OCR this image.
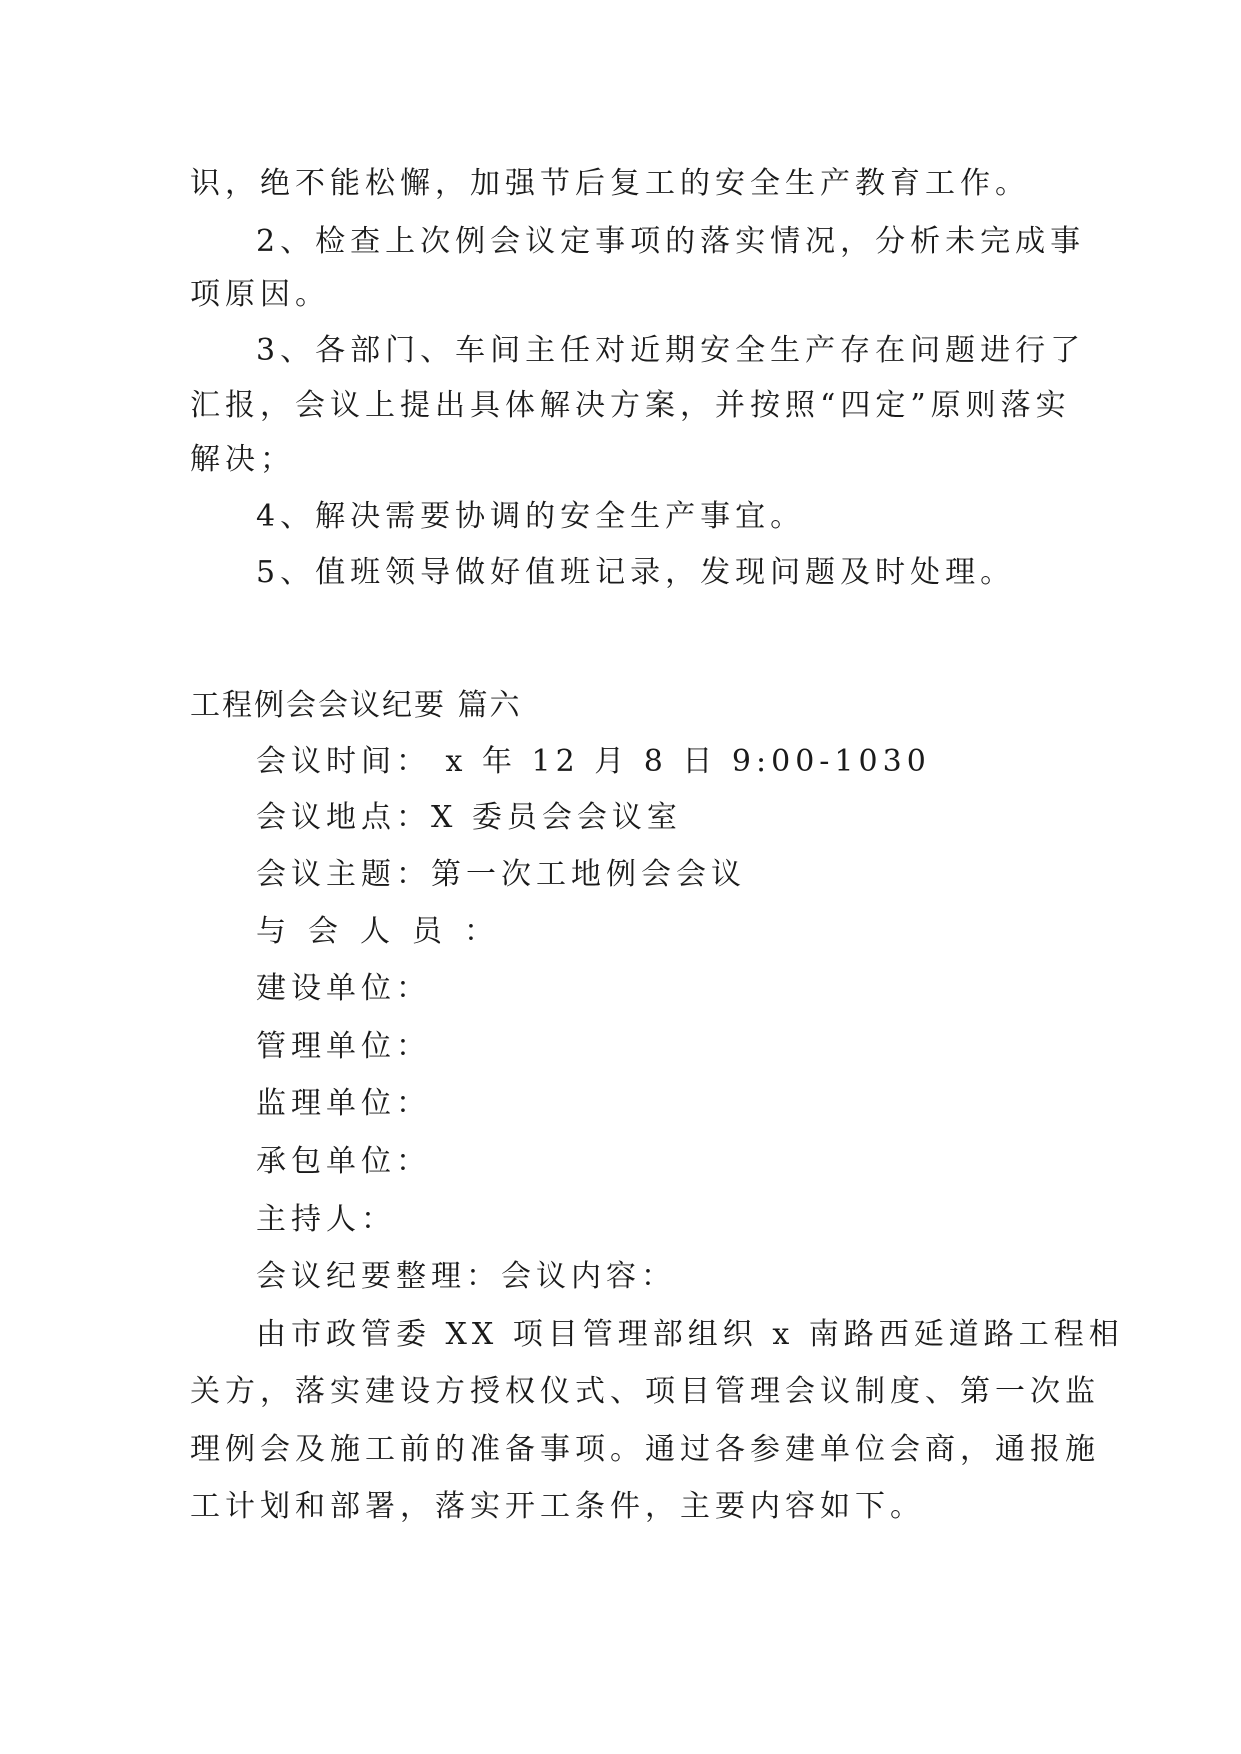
识，绝不能松懈，加强节后复工的安全生产教育工作。
2、检查上次例会议定事项的落实情况，分析未完成事
项原因。
3、各部门、车间主任对近期安全生产存在问题进行了
汇报，会议上提出具体解决方案，并按照“四定”原则落实
解决；
4、解决需要协调的安全生产事宜。
5、值班领导做好值班记录，发现问题及时处理。
工程例会会议纪要 篇六
会议时间： x 年 12 月 8 日 9:00-1030
会议地点：X 委员会会议室
会议主题：第一次工地例会会议
与会人员：
建设单位：
管理单位：
监理单位：
承包单位：
主持人：
会议纪要整理：会议内容：
由市政管委 XX 项目管理部组织 x 南路西延道路工程相
关方，落实建设方授权仪式、项目管理会议制度、第一次监
理例会及施工前的准备事项。通过各参建单位会商，通报施
工计划和部署，落实开工条件，主要内容如下。
